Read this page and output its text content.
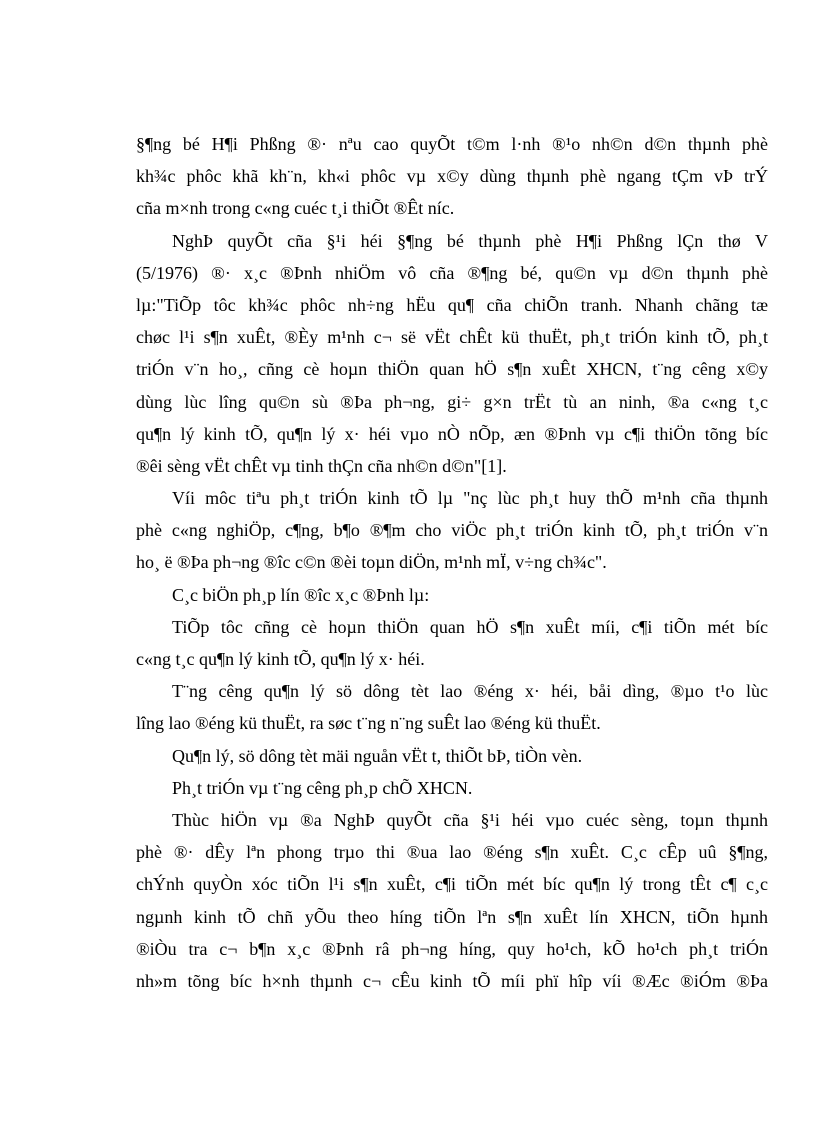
§¶ng bé H¶i Phßng ®· nªu cao quyÕt t©m l·nh ®¹o nh©n d©n thµnh phè
kh¾c phôc khã kh¨n, kh«i phôc vµ x©y dùng thµnh phè ngang tÇm vÞ trÝ
cña m×nh trong c«ng cuéc t¸i thiÕt ®Êt níc.
NghÞ quyÕt cña §¹i héi §¶ng bé thµnh phè H¶i Phßng lÇn thø V
(5/1976) ®· x¸c ®Þnh nhiÖm vô cña ®¶ng bé, qu©n vµ d©n thµnh phè
lµ:"TiÕp tôc kh¾c phôc nh÷ng hËu qu¶ cña chiÕn tranh. Nhanh chãng tæ
chøc l¹i s¶n xuÊt, ®Èy m¹nh c¬ së vËt chÊt kü thuËt, ph¸t triÓn kinh tÕ, ph¸t
triÓn v¨n ho¸, cñng cè hoµn thiÖn quan hÖ s¶n xuÊt XHCN, t¨ng cêng x©y
dùng lùc lîng qu©n sù ®Þa ph¬ng, gi÷ g×n trËt tù an ninh, ®a c«ng t¸c
qu¶n lý kinh tÕ, qu¶n lý x· héi vµo nÒ nÕp, æn ®Þnh vµ c¶i thiÖn tõng bíc
®êi sèng vËt chÊt vµ tinh thÇn cña nh©n d©n"[1].
Víi môc tiªu ph¸t triÓn kinh tÕ lµ "nç lùc ph¸t huy thÕ m¹nh cña thµnh
phè c«ng nghiÖp, c¶ng, b¶o ®¶m cho viÖc ph¸t triÓn kinh tÕ, ph¸t triÓn v¨n
ho¸ ë ®Þa ph¬ng ®îc c©n ®èi toµn diÖn, m¹nh mÏ, v÷ng ch¾c".
C¸c biÖn ph¸p lín ®îc x¸c ®Þnh lµ:
TiÕp tôc cñng cè hoµn thiÖn quan hÖ s¶n xuÊt míi, c¶i tiÕn mét bíc
c«ng t¸c qu¶n lý kinh tÕ, qu¶n lý x· héi.
T¨ng cêng qu¶n lý sö dông tèt lao ®éng x· héi, båi dìng, ®µo t¹o lùc
lîng lao ®éng kü thuËt, ra søc t¨ng n¨ng suÊt lao ®éng kü thuËt.
Qu¶n lý, sö dông tèt mäi nguån vËt t, thiÕt bÞ, tiÒn vèn.
Ph¸t triÓn vµ t¨ng cêng ph¸p chÕ XHCN.
Thùc hiÖn vµ ®a NghÞ quyÕt cña §¹i héi vµo cuéc sèng, toµn thµnh
phè ®· dÊy lªn phong trµo thi ®ua lao ®éng s¶n xuÊt. C¸c cÊp uû §¶ng,
chÝnh quyÒn xóc tiÕn l¹i s¶n xuÊt, c¶i tiÕn mét bíc qu¶n lý trong tÊt c¶ c¸c
ngµnh kinh tÕ chñ yÕu theo híng tiÕn lªn s¶n xuÊt lín XHCN, tiÕn hµnh
®iÒu tra c¬ b¶n x¸c ®Þnh râ ph¬ng híng, quy ho¹ch, kÕ ho¹ch ph¸t triÓn
nh»m tõng bíc h×nh thµnh c¬ cÊu kinh tÕ míi phï hîp víi ®Æc ®iÓm ®Þa
